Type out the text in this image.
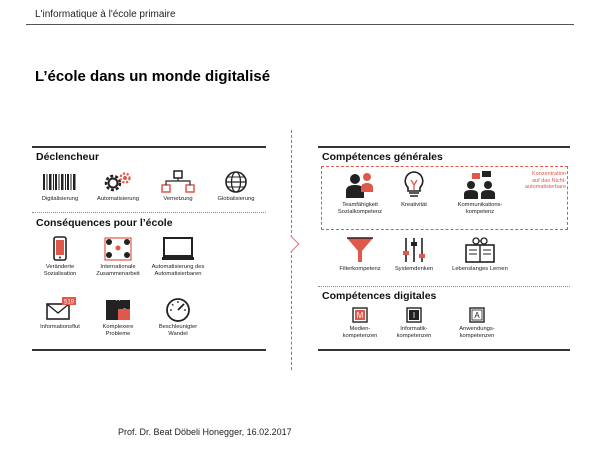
L'informatique à l'école primaire
L’école dans un monde digitalisé
Déclencheur
Digitalisierung	Automatisierung	Vernetzung	Globalisierung
Conséquences pour l’école
Veränderte
Sozialisation
Internationale
Zusammenarbeit
Automatisierung des
Automatisierbaren
519
Informationsflut	Komplexere
Probleme
Beschleunigter
Wandel
Compétences générales
Konzentration
auf das Nicht-
automatisierbare
Teamfähigkeit
Sozialkompetenz
Kreativität	Kommunikations-
kompetenz
Filterkompetenz	Systemdenken	Lebenslanges Lernen
Compétences digitales
M
Medien-
kompetenzen
I
Informatik-
kompetenzen
A
Anwendungs-
kompetenzen
Prof. Dr. Beat Döbeli Honegger, 16.02.2017
